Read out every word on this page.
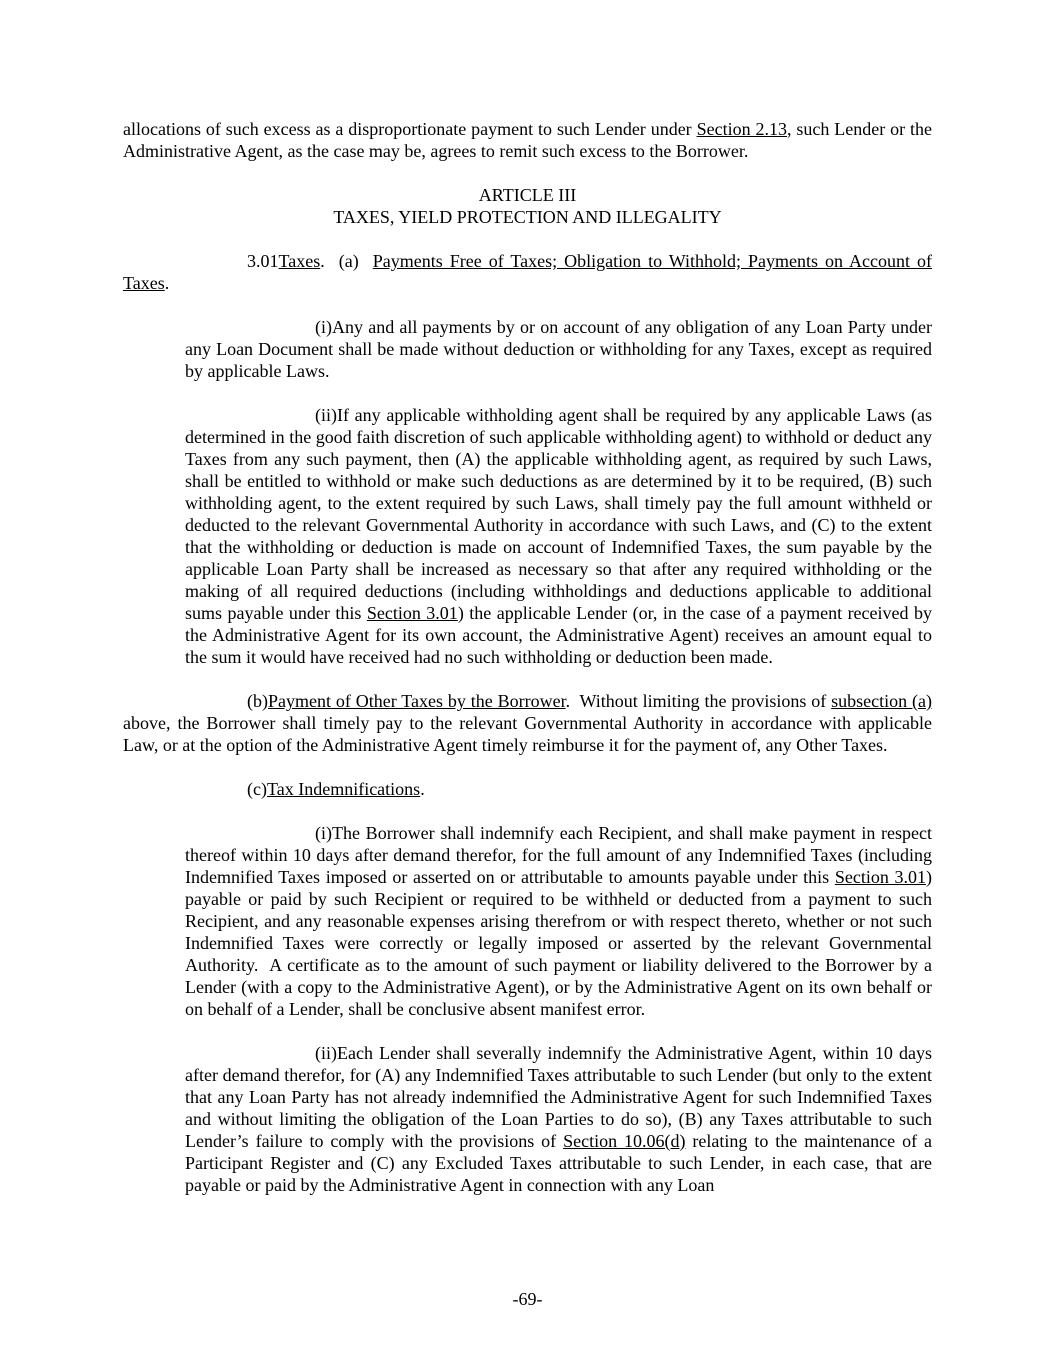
allocations of such excess as a disproportionate payment to such Lender under Section 2.13, such Lender or the Administrative Agent, as the case may be, agrees to remit such excess to the Borrower.

ARTICLE III
TAXES, YIELD PROTECTION AND ILLEGALITY

3.01Taxes.  (a)  Payments Free of Taxes; Obligation to Withhold; Payments on Account of Taxes.

(i)Any and all payments by or on account of any obligation of any Loan Party under any Loan Document shall be made without deduction or withholding for any Taxes, except as required by applicable Laws.

(ii)If any applicable withholding agent shall be required by any applicable Laws (as determined in the good faith discretion of such applicable withholding agent) to withhold or deduct any Taxes from any such payment, then (A) the applicable withholding agent, as required by such Laws, shall be entitled to withhold or make such deductions as are determined by it to be required, (B) such withholding agent, to the extent required by such Laws, shall timely pay the full amount withheld or deducted to the relevant Governmental Authority in accordance with such Laws, and (C) to the extent that the withholding or deduction is made on account of Indemnified Taxes, the sum payable by the applicable Loan Party shall be increased as necessary so that after any required withholding or the making of all required deductions (including withholdings and deductions applicable to additional sums payable under this Section 3.01) the applicable Lender (or, in the case of a payment received by the Administrative Agent for its own account, the Administrative Agent) receives an amount equal to the sum it would have received had no such withholding or deduction been made.

(b)Payment of Other Taxes by the Borrower.  Without limiting the provisions of subsection (a) above, the Borrower shall timely pay to the relevant Governmental Authority in accordance with applicable Law, or at the option of the Administrative Agent timely reimburse it for the payment of, any Other Taxes.

(c)Tax Indemnifications.

(i)The Borrower shall indemnify each Recipient, and shall make payment in respect thereof within 10 days after demand therefor, for the full amount of any Indemnified Taxes (including Indemnified Taxes imposed or asserted on or attributable to amounts payable under this Section 3.01) payable or paid by such Recipient or required to be withheld or deducted from a payment to such Recipient, and any reasonable expenses arising therefrom or with respect thereto, whether or not such Indemnified Taxes were correctly or legally imposed or asserted by the relevant Governmental Authority.  A certificate as to the amount of such payment or liability delivered to the Borrower by a Lender (with a copy to the Administrative Agent), or by the Administrative Agent on its own behalf or on behalf of a Lender, shall be conclusive absent manifest error.

(ii)Each Lender shall severally indemnify the Administrative Agent, within 10 days after demand therefor, for (A) any Indemnified Taxes attributable to such Lender (but only to the extent that any Loan Party has not already indemnified the Administrative Agent for such Indemnified Taxes and without limiting the obligation of the Loan Parties to do so), (B) any Taxes attributable to such Lender’s failure to comply with the provisions of Section 10.06(d) relating to the maintenance of a Participant Register and (C) any Excluded Taxes attributable to such Lender, in each case, that are payable or paid by the Administrative Agent in connection with any Loan

-69-
